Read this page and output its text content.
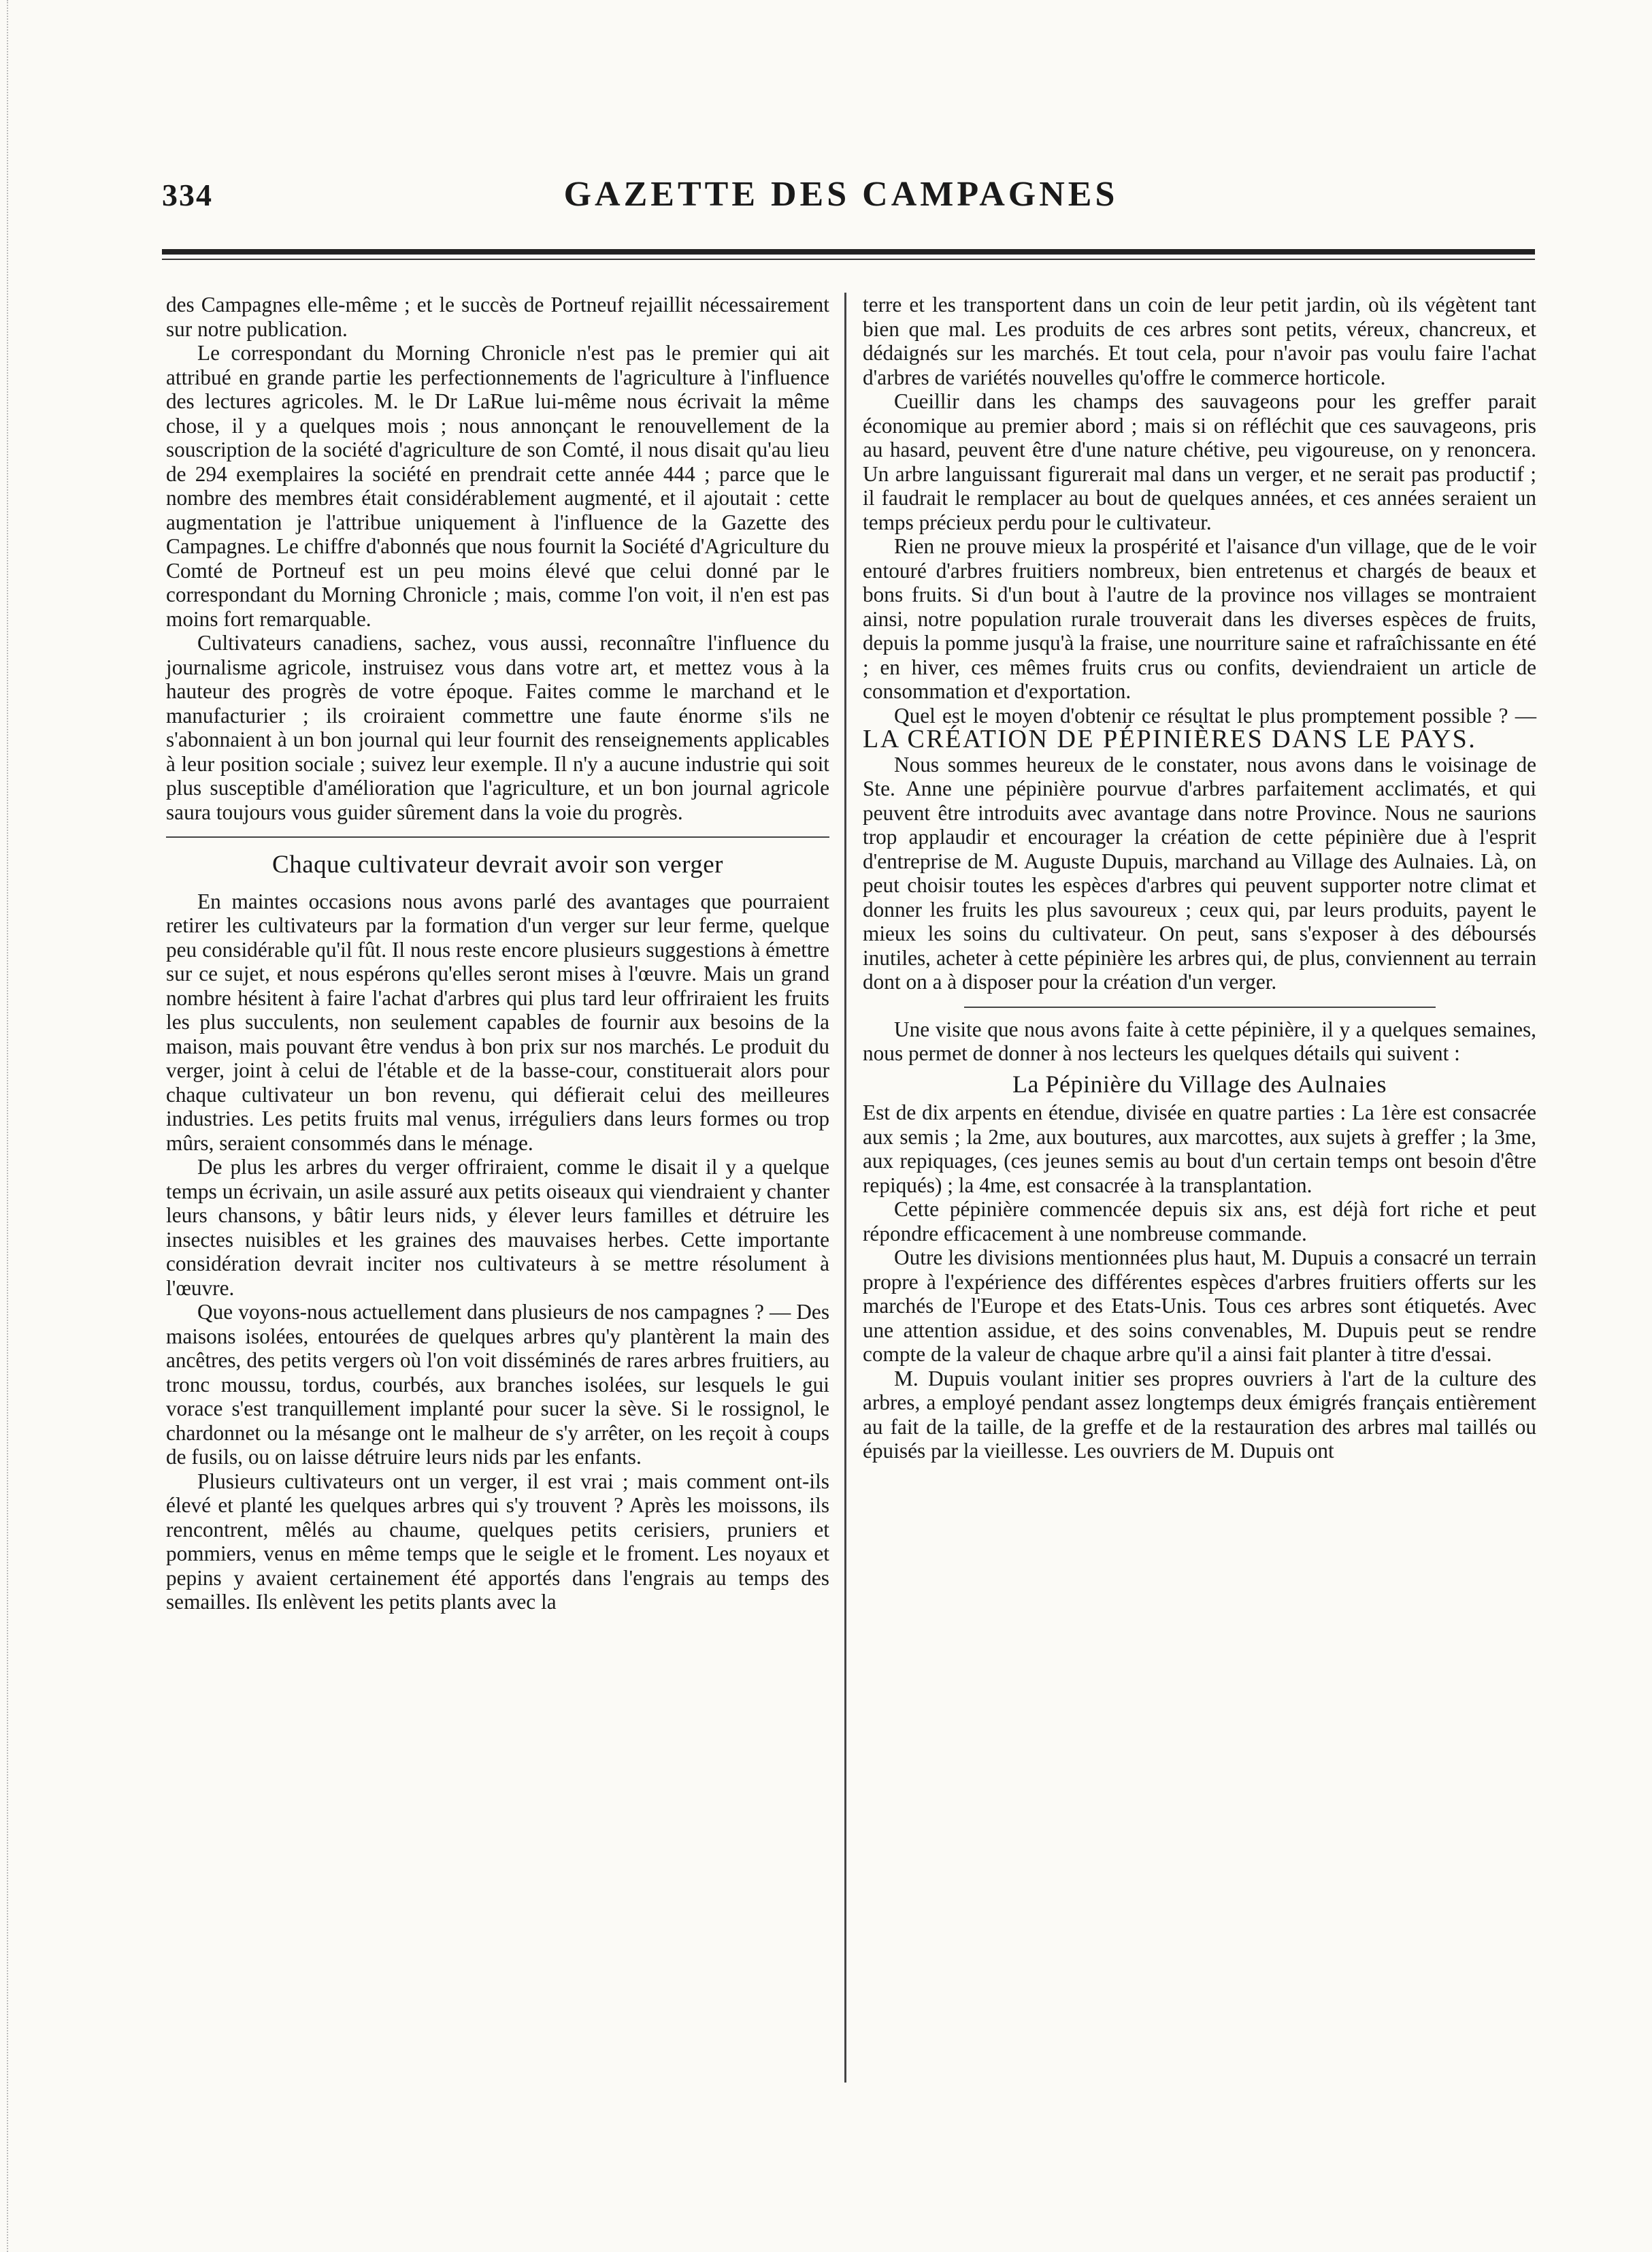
334	GAZETTE DES CAMPAGNES

des Campagnes elle-même ; et le succès de Portneuf rejaillit nécessairement sur notre publication.

Le correspondant du Morning Chronicle n'est pas le premier qui ait attribué en grande partie les perfectionnements de l'agriculture à l'influence des lectures agricoles. M. le Dr LaRue lui-même nous écrivait la même chose, il y a quelques mois ; nous annonçant le renouvellement de la souscription de la société d'agriculture de son Comté, il nous disait qu'au lieu de 294 exemplaires la société en prendrait cette année 444 ; parce que le nombre des membres était considérablement augmenté, et il ajoutait : cette augmentation je l'attribue uniquement à l'influence de la Gazette des Campagnes. Le chiffre d'abonnés que nous fournit la Société d'Agriculture du Comté de Portneuf est un peu moins élevé que celui donné par le correspondant du Morning Chronicle ; mais, comme l'on voit, il n'en est pas moins fort remarquable.

Cultivateurs canadiens, sachez, vous aussi, reconnaître l'influence du journalisme agricole, instruisez vous dans votre art, et mettez vous à la hauteur des progrès de votre époque. Faites comme le marchand et le manufacturier ; ils croiraient commettre une faute énorme s'ils ne s'abonnaient à un bon journal qui leur fournit des renseignements applicables à leur position sociale ; suivez leur exemple. Il n'y a aucune industrie qui soit plus susceptible d'amélioration que l'agriculture, et un bon journal agricole saura toujours vous guider sûrement dans la voie du progrès.

Chaque cultivateur devrait avoir son verger

En maintes occasions nous avons parlé des avantages que pourraient retirer les cultivateurs par la formation d'un verger sur leur ferme, quelque peu considérable qu'il fût. Il nous reste encore plusieurs suggestions à émettre sur ce sujet, et nous espérons qu'elles seront mises à l'œuvre. Mais un grand nombre hésitent à faire l'achat d'arbres qui plus tard leur offriraient les fruits les plus succulents, non seulement capables de fournir aux besoins de la maison, mais pouvant être vendus à bon prix sur nos marchés. Le produit du verger, joint à celui de l'étable et de la basse-cour, constituerait alors pour chaque cultivateur un bon revenu, qui défierait celui des meilleures industries. Les petits fruits mal venus, irréguliers dans leurs formes ou trop mûrs, seraient consommés dans le ménage.

De plus les arbres du verger offriraient, comme le disait il y a quelque temps un écrivain, un asile assuré aux petits oiseaux qui viendraient y chanter leurs chansons, y bâtir leurs nids, y élever leurs familles et détruire les insectes nuisibles et les graines des mauvaises herbes. Cette importante considération devrait inciter nos cultivateurs à se mettre résolument à l'œuvre.

Que voyons-nous actuellement dans plusieurs de nos campagnes ? — Des maisons isolées, entourées de quelques arbres qu'y plantèrent la main des ancêtres, des petits vergers où l'on voit disséminés de rares arbres fruitiers, au tronc moussu, tordus, courbés, aux branches isolées, sur lesquels le gui vorace s'est tranquillement implanté pour sucer la sève. Si le rossignol, le chardonnet ou la mésange ont le malheur de s'y arrêter, on les reçoit à coups de fusils, ou on laisse détruire leurs nids par les enfants.

Plusieurs cultivateurs ont un verger, il est vrai ; mais comment ont-ils élevé et planté les quelques arbres qui s'y trouvent ? Après les moissons, ils rencontrent, mêlés au chaume, quelques petits cerisiers, pruniers et pommiers, venus en même temps que le seigle et le froment. Les noyaux et pepins y avaient certainement été apportés dans l'engrais au temps des semailles. Ils enlèvent les petits plants avec la

terre et les transportent dans un coin de leur petit jardin, où ils végètent tant bien que mal. Les produits de ces arbres sont petits, véreux, chancreux, et dédaignés sur les marchés. Et tout cela, pour n'avoir pas voulu faire l'achat d'arbres de variétés nouvelles qu'offre le commerce horticole.

Cueillir dans les champs des sauvageons pour les greffer parait économique au premier abord ; mais si on réfléchit que ces sauvageons, pris au hasard, peuvent être d'une nature chétive, peu vigoureuse, on y renoncera. Un arbre languissant figurerait mal dans un verger, et ne serait pas productif ; il faudrait le remplacer au bout de quelques années, et ces années seraient un temps précieux perdu pour le cultivateur.

Rien ne prouve mieux la prospérité et l'aisance d'un village, que de le voir entouré d'arbres fruitiers nombreux, bien entretenus et chargés de beaux et bons fruits. Si d'un bout à l'autre de la province nos villages se montraient ainsi, notre population rurale trouverait dans les diverses espèces de fruits, depuis la pomme jusqu'à la fraise, une nourriture saine et rafraîchissante en été ; en hiver, ces mêmes fruits crus ou confits, deviendraient un article de consommation et d'exportation.

Quel est le moyen d'obtenir ce résultat le plus promptement possible ? — LA CRÉATION DE PÉPINIÈRES DANS LE PAYS.

Nous sommes heureux de le constater, nous avons dans le voisinage de Ste. Anne une pépinière pourvue d'arbres parfaitement acclimatés, et qui peuvent être introduits avec avantage dans notre Province. Nous ne saurions trop applaudir et encourager la création de cette pépinière due à l'esprit d'entreprise de M. Auguste Dupuis, marchand au Village des Aulnaies. Là, on peut choisir toutes les espèces d'arbres qui peuvent supporter notre climat et donner les fruits les plus savoureux ; ceux qui, par leurs produits, payent le mieux les soins du cultivateur. On peut, sans s'exposer à des déboursés inutiles, acheter à cette pépinière les arbres qui, de plus, conviennent au terrain dont on a à disposer pour la création d'un verger.

Une visite que nous avons faite à cette pépinière, il y a quelques semaines, nous permet de donner à nos lecteurs les quelques détails qui suivent :

La Pépinière du Village des Aulnaies

Est de dix arpents en étendue, divisée en quatre parties : La 1ère est consacrée aux semis ; la 2me, aux boutures, aux marcottes, aux sujets à greffer ; la 3me, aux repiquages, (ces jeunes semis au bout d'un certain temps ont besoin d'être repiqués) ; la 4me, est consacrée à la transplantation.

Cette pépinière commencée depuis six ans, est déjà fort riche et peut répondre efficacement à une nombreuse commande.

Outre les divisions mentionnées plus haut, M. Dupuis a consacré un terrain propre à l'expérience des différentes espèces d'arbres fruitiers offerts sur les marchés de l'Europe et des Etats-Unis. Tous ces arbres sont étiquetés. Avec une attention assidue, et des soins convenables, M. Dupuis peut se rendre compte de la valeur de chaque arbre qu'il a ainsi fait planter à titre d'essai.

M. Dupuis voulant initier ses propres ouvriers à l'art de la culture des arbres, a employé pendant assez longtemps deux émigrés français entièrement au fait de la taille, de la greffe et de la restauration des arbres mal taillés ou épuisés par la vieillesse. Les ouvriers de M. Dupuis ont
